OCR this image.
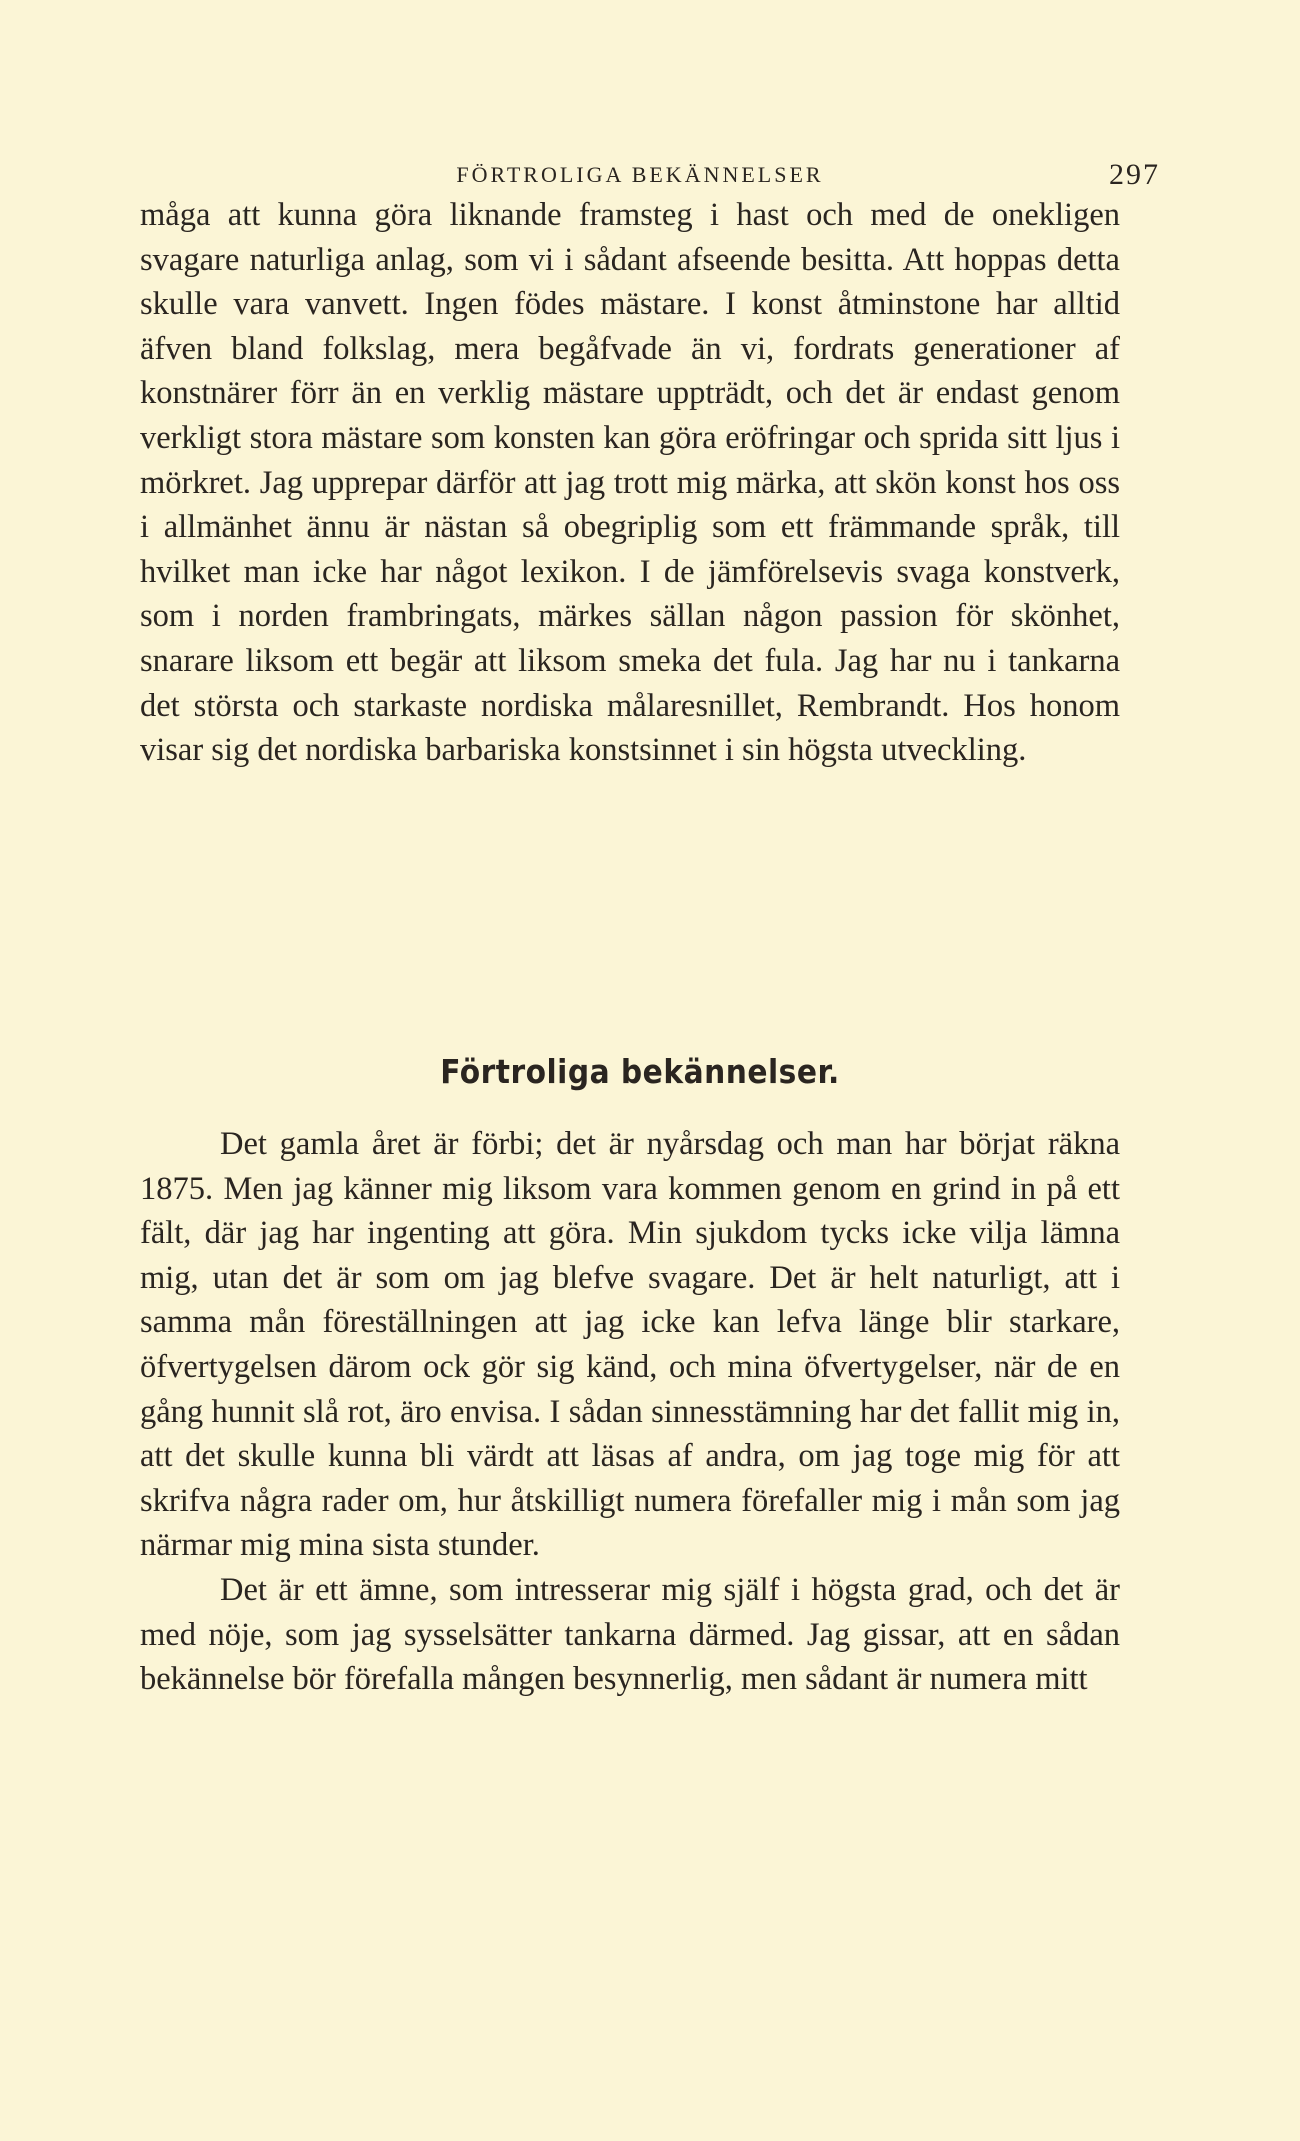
FÖRTROLIGA BEKÄNNELSER	297

måga att kunna göra liknande framsteg i hast och med de onekligen svagare naturliga anlag, som vi i sådant afseende besitta. Att hoppas detta skulle vara vanvett. Ingen födes mästare. I konst åtminstone har alltid äfven bland folkslag, mera begåfvade än vi, fordrats generationer af konstnärer förr än en verklig mästare uppträdt, och det är endast genom verkligt stora mästare som konsten kan göra eröfringar och sprida sitt ljus i mörkret. Jag upprepar därför att jag trott mig märka, att skön konst hos oss i allmänhet ännu är nästan så obegriplig som ett främmande språk, till hvilket man icke har något lexikon. I de jämförelsevis svaga konstverk, som i norden frambringats, märkes sällan någon passion för skönhet, snarare liksom ett begär att liksom smeka det fula. Jag har nu i tankarna det största och starkaste nordiska målaresnillet, Rembrandt. Hos honom visar sig det nordiska barbariska konstsinnet i sin högsta utveckling.

Förtroliga bekännelser.

Det gamla året är förbi; det är nyårsdag och man har börjat räkna 1875. Men jag känner mig liksom vara kommen genom en grind in på ett fält, där jag har ingenting att göra. Min sjukdom tycks icke vilja lämna mig, utan det är som om jag blefve svagare. Det är helt naturligt, att i samma mån föreställningen att jag icke kan lefva länge blir starkare, öfvertygelsen därom ock gör sig känd, och mina öfvertygelser, när de en gång hunnit slå rot, äro envisa. I sådan sinnesstämning har det fallit mig in, att det skulle kunna bli värdt att läsas af andra, om jag toge mig för att skrifva några rader om, hur åtskilligt numera förefaller mig i mån som jag närmar mig mina sista stunder.

Det är ett ämne, som intresserar mig själf i högsta grad, och det är med nöje, som jag sysselsätter tankarna därmed. Jag gissar, att en sådan bekännelse bör förefalla mången besynnerlig, men sådant är numera mitt
